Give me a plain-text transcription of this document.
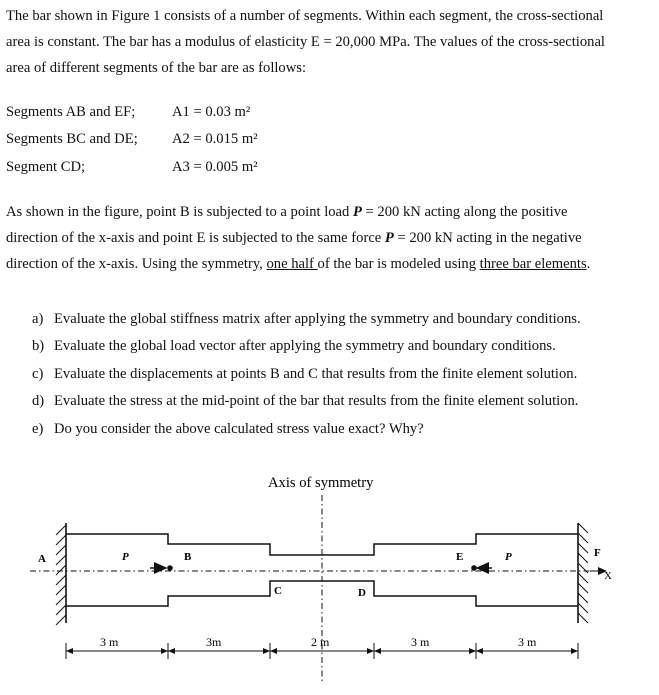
The bar shown in Figure 1 consists of a number of segments. Within each segment, the cross-sectional
area is constant. The bar has a modulus of elasticity E = 20,000 MPa. The values of the cross-sectional
area of different segments of the bar are as follows:
Segments AB and EF;	A1 = 0.03 m²
Segments BC and DE; A2 = 0.015 m²
Segment CD;	A3 = 0.005 m²
As shown in the figure, point B is subjected to a point load P = 200 kN acting along the positive
direction of the x-axis and point E is subjected to the same force P = 200 kN acting in the negative
direction of the x-axis. Using the symmetry, one half of the bar is modeled using three bar elements.
a) Evaluate the global stiffness matrix after applying the symmetry and boundary conditions.
b) Evaluate the global load vector after applying the symmetry and boundary conditions.
c) Evaluate the displacements at points B and C that results from the finite element solution.
d) Evaluate the stress at the mid-point of the bar that results from the finite element solution.
e) Do you consider the above calculated stress value exact? Why?
Axis of symmetry
X
A	B
C	D
E	F
P	P
3 m	3m	2 m	3 m	3 m
